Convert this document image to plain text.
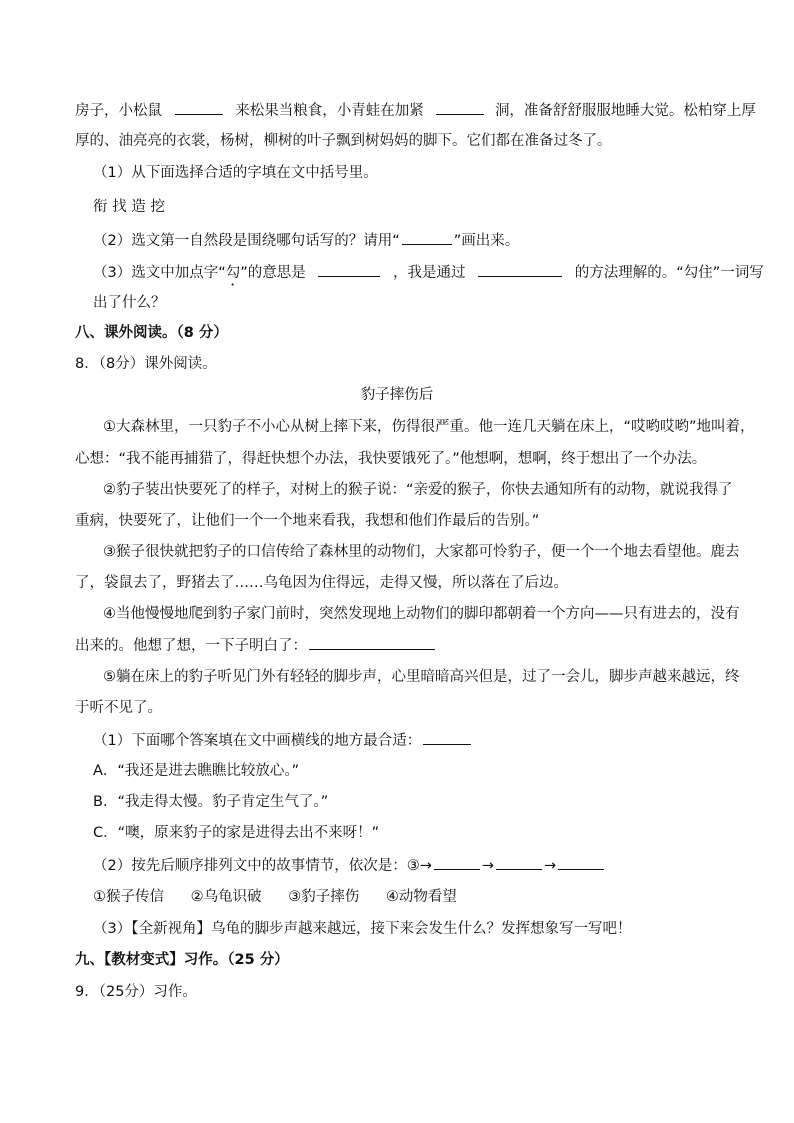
房子，小松鼠	来松果当粮食，小青蛙在加紧	洞，准备舒舒服服地睡大觉。松柏穿上厚
厚的、油亮亮的衣裳，杨树，柳树的叶子飘到树妈妈的脚下。它们都在准备过冬了。
（1）从下面选择合适的字填在文中括号里。
衔 找 造 挖
（2）选文第一自然段是围绕哪句话写的？请用“	”画出来。
（3）选文中加点字“勾”的意思是	，我是通过	的方法理解的。“勾住”一词写
出了什么？
八、课外阅读。（8 分）
8．（8分）课外阅读。
豹子摔伤后
①大森林里，一只豹子不小心从树上摔下来，伤得很严重。他一连几天躺在床上，“哎哟哎哟”地叫着，
心想：“我不能再捕猎了，得赶快想个办法，我快要饿死了。”他想啊，想啊，终于想出了一个办法。
②豹子装出快要死了的样子，对树上的猴子说：“亲爱的猴子，你快去通知所有的动物，就说我得了
重病，快要死了，让他们一个一个地来看我，我想和他们作最后的告别。”
③猴子很快就把豹子的口信传给了森林里的动物们，大家都可怜豹子，便一个一个地去看望他。鹿去
了，袋鼠去了，野猪去了……乌龟因为住得远，走得又慢，所以落在了后边。
④当他慢慢地爬到豹子家门前时，突然发现地上动物们的脚印都朝着一个方向——只有进去的，没有
出来的。他想了想，一下子明白了：
⑤躺在床上的豹子听见门外有轻轻的脚步声，心里暗暗高兴但是，过了一会儿，脚步声越来越远，终
于听不见了。
（1）下面哪个答案填在文中画横线的地方最合适：
A．“我还是进去瞧瞧比较放心。”
B．“我走得太慢。豹子肯定生气了。”
C．“噢，原来豹子的家是进得去出不来呀！”
（2）按先后顺序排列文中的故事情节，依次是：③→	→	→
①猴子传信 ②乌龟识破 ③豹子摔伤 ④动物看望
（3）【全新视角】乌龟的脚步声越来越远，接下来会发生什么？发挥想象写一写吧！
九、【教材变式】习作。（25 分）
9．（25分）习作。
